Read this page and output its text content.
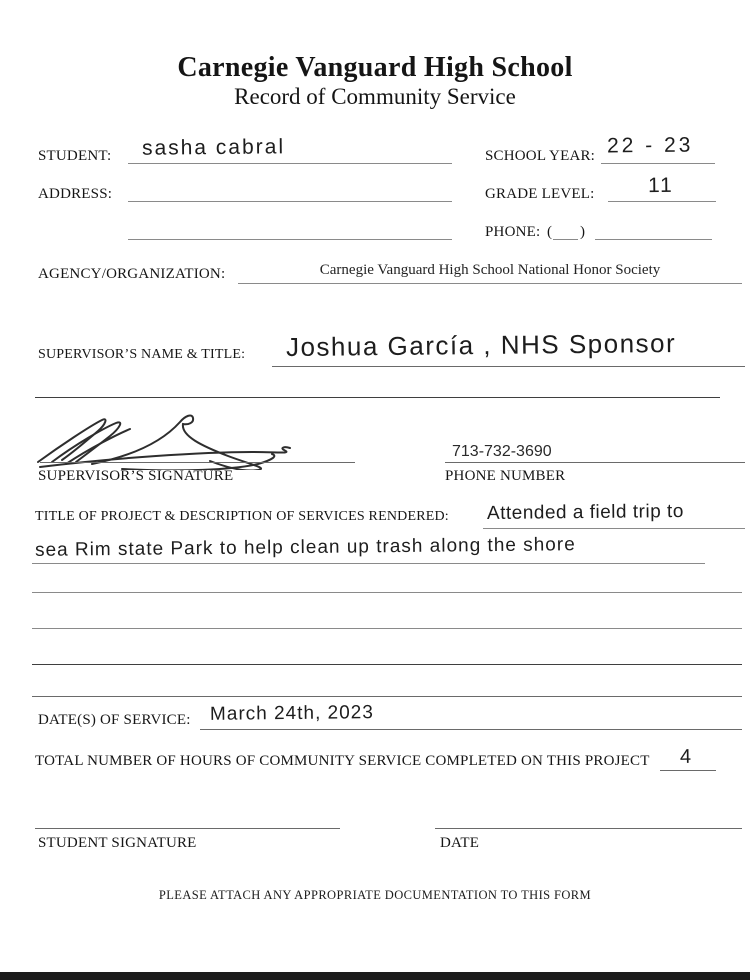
Carnegie Vanguard High School
Record of Community Service
STUDENT: sasha cabral	SCHOOL YEAR: 22 - 23
ADDRESS:	GRADE LEVEL:	11
PHONE: ( )
AGENCY/ORGANIZATION:	Carnegie Vanguard High School National Honor Society
SUPERVISOR’S NAME & TITLE: Joshua García , NHS Sponsor
SUPERVISOR’S SIGNATURE
713-732-3690
PHONE NUMBER
TITLE OF PROJECT & DESCRIPTION OF SERVICES RENDERED: Attended a field trip to
sea Rim state Park to help clean up trash along the shore
DATE(S) OF SERVICE: March 24th, 2023
TOTAL NUMBER OF HOURS OF COMMUNITY SERVICE COMPLETED ON THIS PROJECT 4
STUDENT SIGNATURE	DATE
PLEASE ATTACH ANY APPROPRIATE DOCUMENTATION TO THIS FORM
